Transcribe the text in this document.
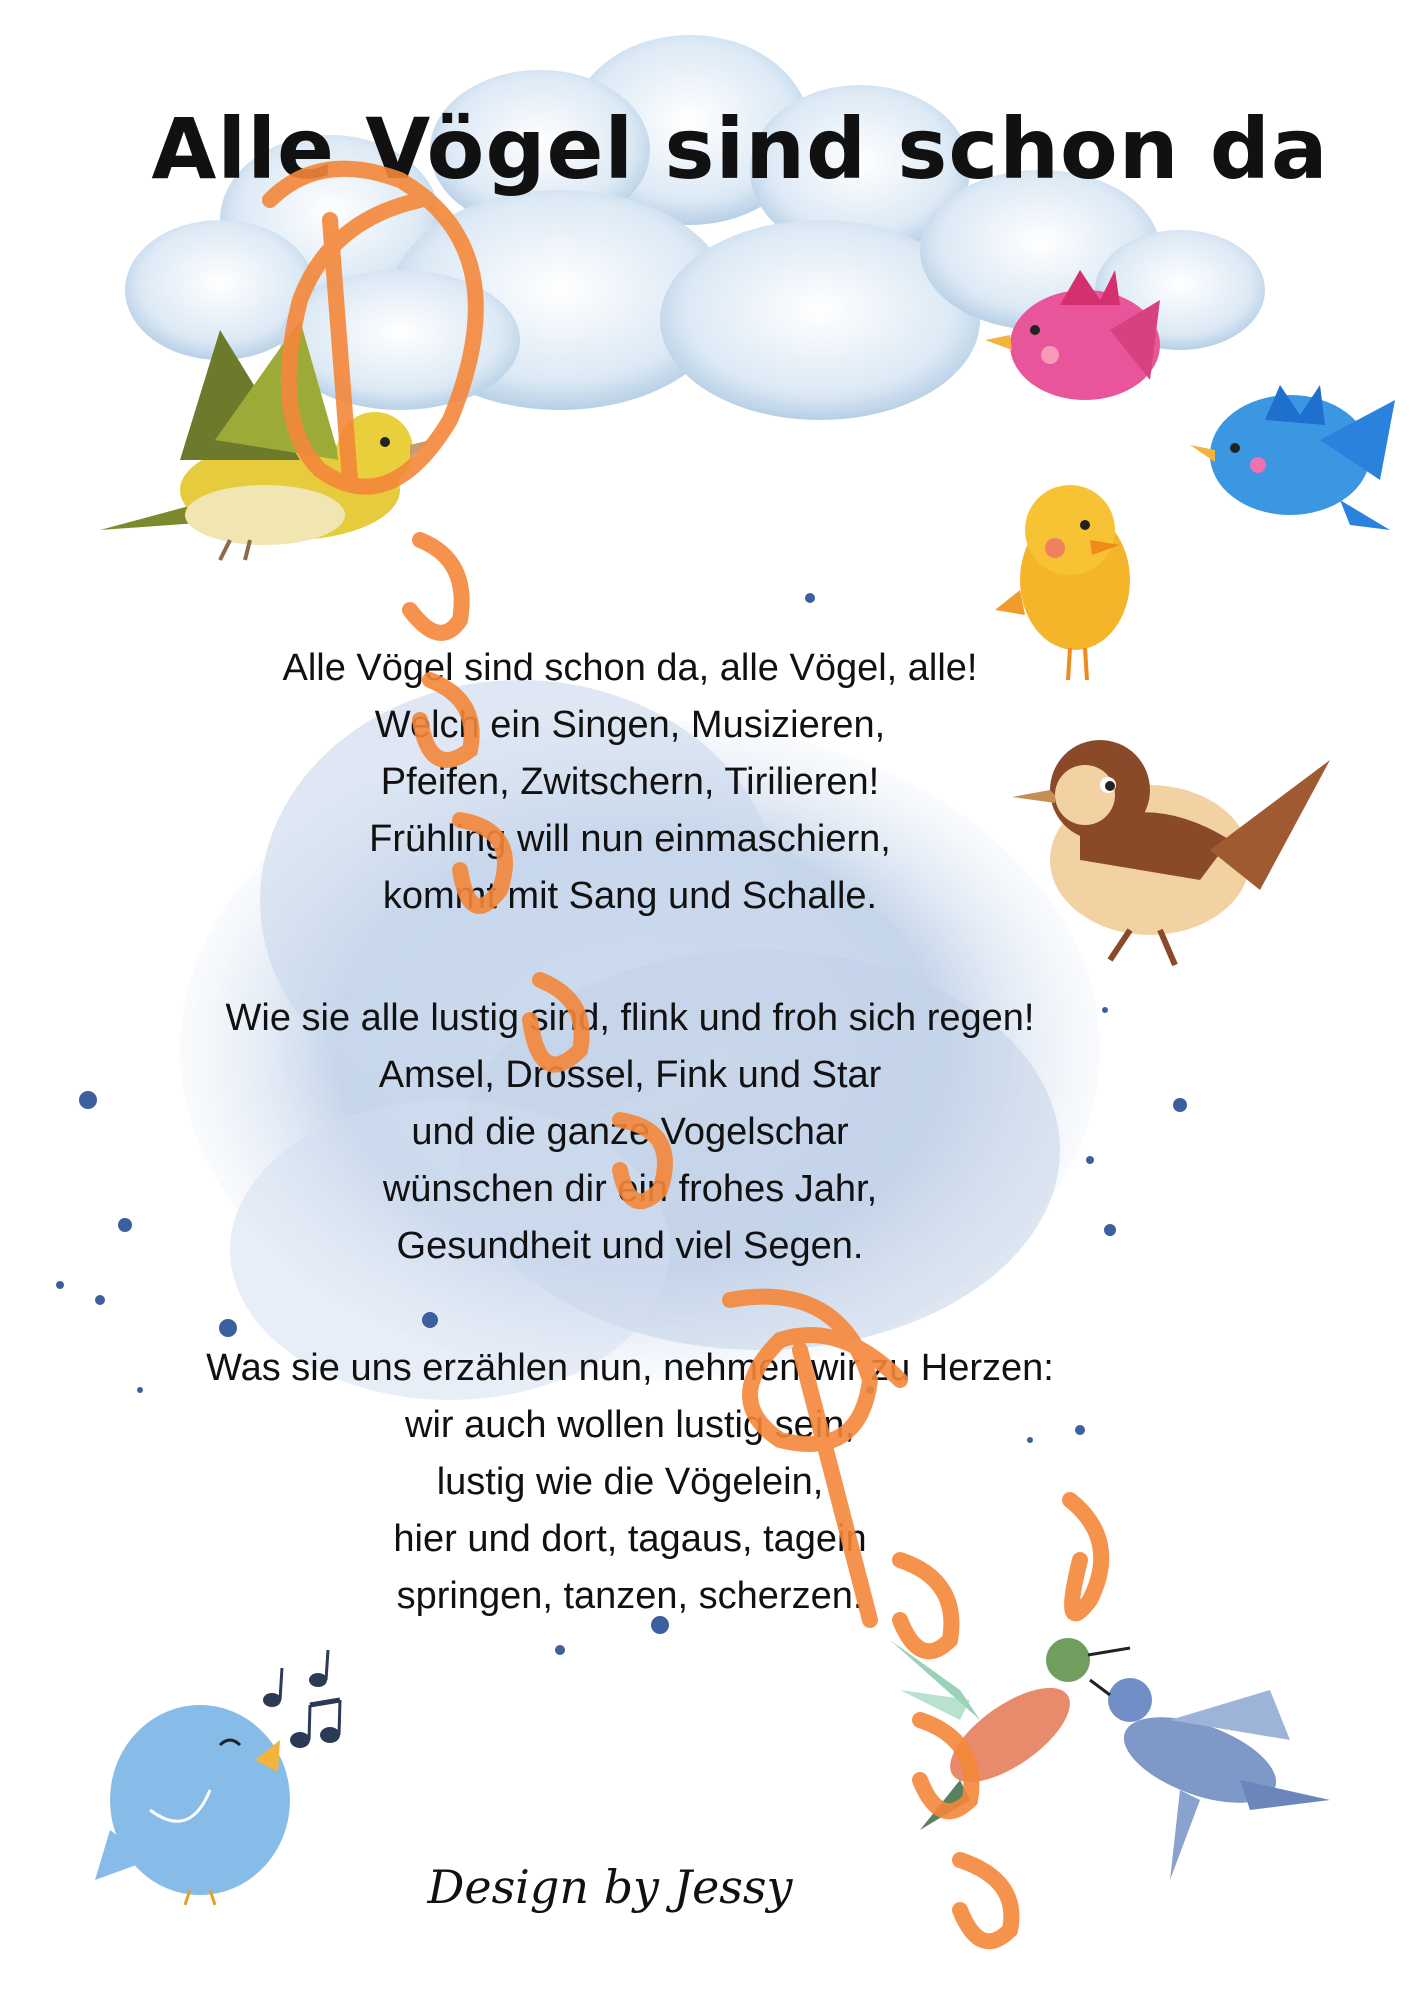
Alle Vögel sind schon da
Alle Vögel sind schon da, alle Vögel, alle!
Welch ein Singen, Musizieren,
Pfeifen, Zwitschern, Tirilieren!
Frühling will nun einmaschiern,
kommt mit Sang und Schalle.
Wie sie alle lustig sind, flink und froh sich regen!
Amsel, Drossel, Fink und Star
und die ganze Vogelschar
wünschen dir ein frohes Jahr,
Gesundheit und viel Segen.
Was sie uns erzählen nun, nehmen wir zu Herzen:
wir auch wollen lustig sein,
lustig wie die Vögelein,
hier und dort, tagaus, tagein
springen, tanzen, scherzen.
Design by Jessy
